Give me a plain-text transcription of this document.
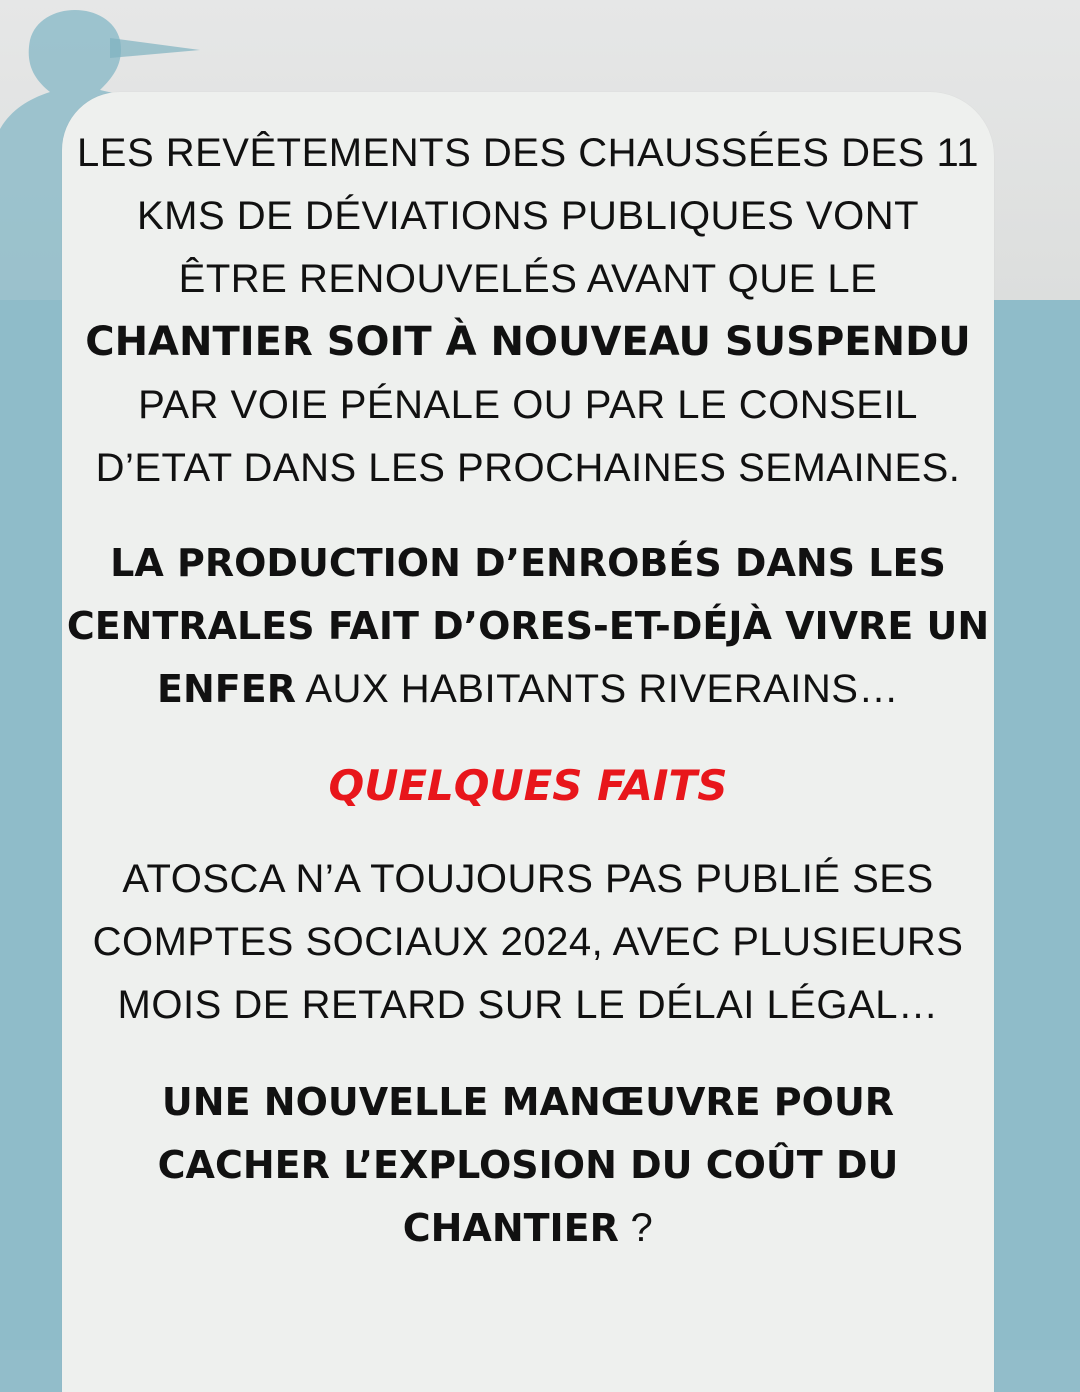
LES REVÊTEMENTS DES CHAUSSÉES DES 11
KMS DE DÉVIATIONS PUBLIQUES VONT
ÊTRE RENOUVELÉS AVANT QUE LE
CHANTIER SOIT À NOUVEAU SUSPENDU
PAR VOIE PÉNALE OU PAR LE CONSEIL
D’ETAT DANS LES PROCHAINES SEMAINES.
LA PRODUCTION D’ENROBÉS DANS LES CENTRALES FAIT D’ORES-ET-DÉJÀ VIVRE UN ENFER AUX HABITANTS RIVERAINS…
QUELQUES FAITS
ATOSCA N’A TOUJOURS PAS PUBLIÉ SES COMPTES SOCIAUX 2024, AVEC PLUSIEURS MOIS DE RETARD SUR LE DÉLAI LÉGAL…
UNE NOUVELLE MANŒUVRE POUR CACHER L’EXPLOSION DU COÛT DU CHANTIER ?
